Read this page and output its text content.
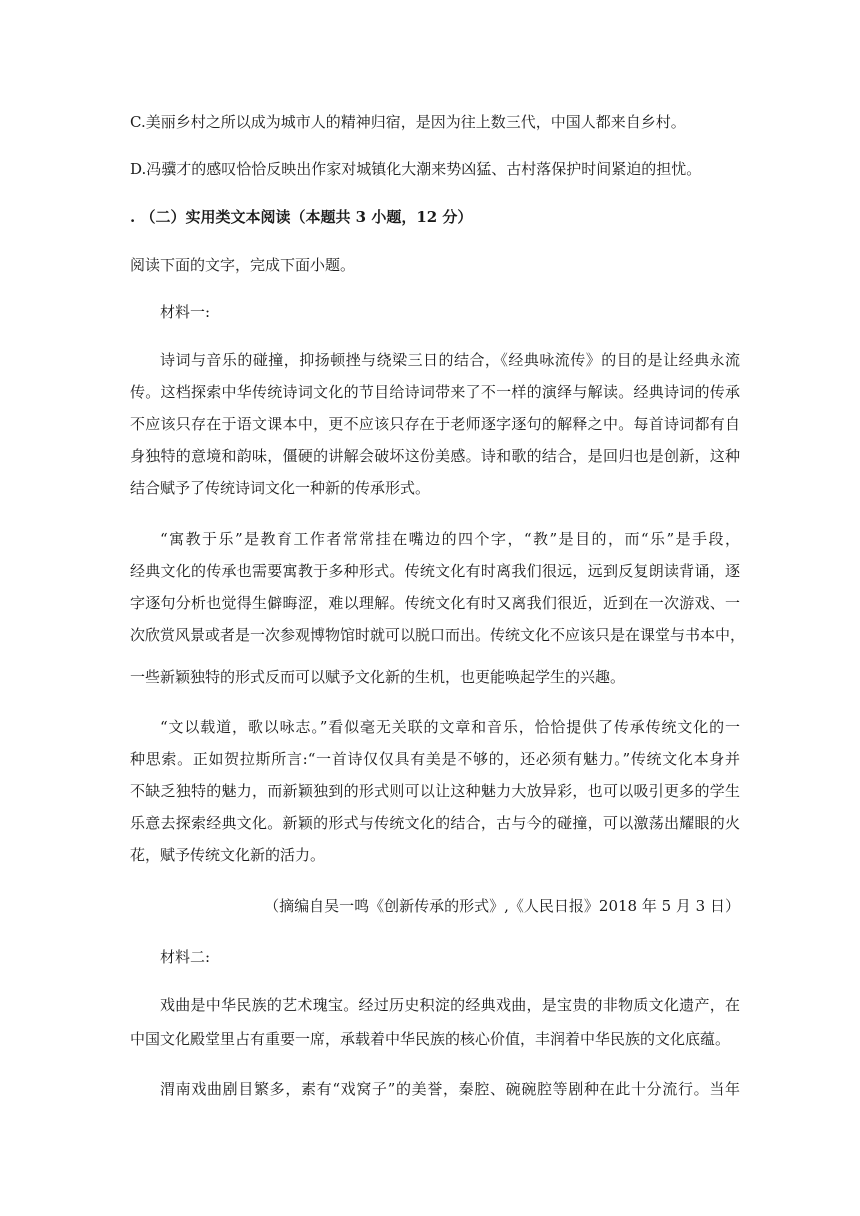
C.美丽乡村之所以成为城市人的精神归宿，是因为往上数三代，中国人都来自乡村。
D.冯骥才的感叹恰恰反映出作家对城镇化大潮来势凶猛、古村落保护时间紧迫的担忧。
. （二）实用类文本阅读（本题共 3 小题，12 分）
阅读下面的文字，完成下面小题。
材料一:
诗词与音乐的碰撞，抑扬顿挫与绕梁三日的结合，《经典咏流传》的目的是让经典永流
传。这档探索中华传统诗词文化的节目给诗词带来了不一样的演绎与解读。经典诗词的传承
不应该只存在于语文课本中，更不应该只存在于老师逐字逐句的解释之中。每首诗词都有自
身独特的意境和韵味，僵硬的讲解会破坏这份美感。诗和歌的结合，是回归也是创新，这种
结合赋予了传统诗词文化一种新的传承形式。
“寓教于乐”是教育工作者常常挂在嘴边的四个字，“教”是目的，而“乐”是手段，
经典文化的传承也需要寓教于多种形式。传统文化有时离我们很远，远到反复朗读背诵，逐
字逐句分析也觉得生僻晦涩，难以理解。传统文化有时又离我们很近，近到在一次游戏、一
次欣赏风景或者是一次参观博物馆时就可以脱口而出。传统文化不应该只是在课堂与书本中，
一些新颖独特的形式反而可以赋予文化新的生机，也更能唤起学生的兴趣。
“文以载道，歌以咏志。”看似毫无关联的文章和音乐，恰恰提供了传承传统文化的一
种思索。正如贺拉斯所言:“一首诗仅仅具有美是不够的，还必须有魅力。”传统文化本身并
不缺乏独特的魅力，而新颖独到的形式则可以让这种魅力大放异彩，也可以吸引更多的学生
乐意去探索经典文化。新颖的形式与传统文化的结合，古与今的碰撞，可以激荡出耀眼的火
花，赋予传统文化新的活力。
（摘编自吴一鸣《创新传承的形式》,《人民日报》2018 年 5 月 3 日）
材料二:
戏曲是中华民族的艺术瑰宝。经过历史积淀的经典戏曲，是宝贵的非物质文化遗产，在
中国文化殿堂里占有重要一席，承载着中华民族的核心价值，丰润着中华民族的文化底蕴。
渭南戏曲剧目繁多，素有“戏窝子”的美誉，秦腔、碗碗腔等剧种在此十分流行。当年
